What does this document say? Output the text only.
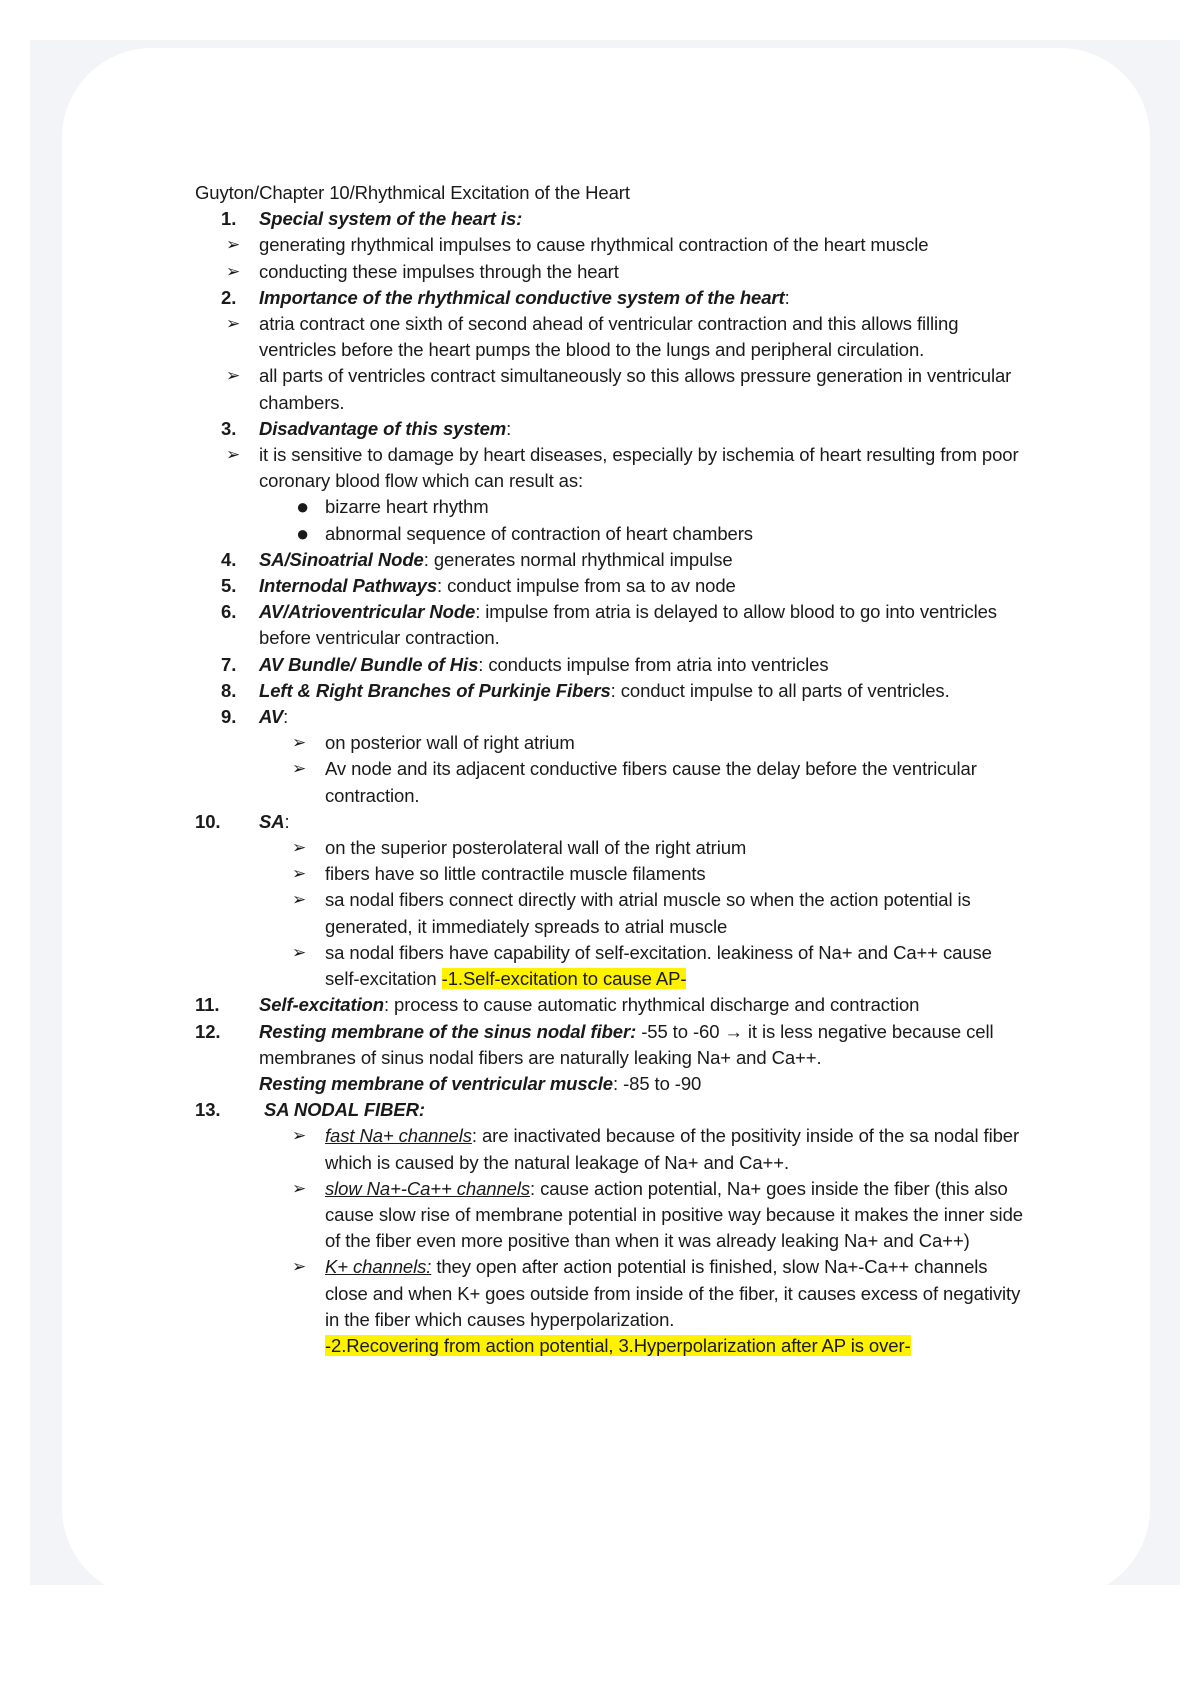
Guyton/Chapter 10/Rhythmical Excitation of the Heart
1. Special system of the heart is:
➢ generating rhythmical impulses to cause rhythmical contraction of the heart muscle
➢ conducting these impulses through the heart
2. Importance of the rhythmical conductive system of the heart:
➢ atria contract one sixth of second ahead of ventricular contraction and this allows filling ventricles before the heart pumps the blood to the lungs and peripheral circulation.
➢ all parts of ventricles contract simultaneously so this allows pressure generation in ventricular chambers.
3. Disadvantage of this system:
➢ it is sensitive to damage by heart diseases, especially by ischemia of heart resulting from poor coronary blood flow which can result as:
● bizarre heart rhythm
● abnormal sequence of contraction of heart chambers
4. SA/Sinoatrial Node: generates normal rhythmical impulse
5. Internodal Pathways: conduct impulse from sa to av node
6. AV/Atrioventricular Node: impulse from atria is delayed to allow blood to go into ventricles before ventricular contraction.
7. AV Bundle/ Bundle of His: conducts impulse from atria into ventricles
8. Left & Right Branches of Purkinje Fibers: conduct impulse to all parts of ventricles.
9. AV:
➢ on posterior wall of right atrium
➢ Av node and its adjacent conductive fibers cause the delay before the ventricular contraction.
10. SA:
➢ on the superior posterolateral wall of the right atrium
➢ fibers have so little contractile muscle filaments
➢ sa nodal fibers connect directly with atrial muscle so when the action potential is generated, it immediately spreads to atrial muscle
➢ sa nodal fibers have capability of self-excitation. leakiness of Na+ and Ca++ cause self-excitation -1.Self-excitation to cause AP-
11. Self-excitation: process to cause automatic rhythmical discharge and contraction
12. Resting membrane of the sinus nodal fiber: -55 to -60 → it is less negative because cell membranes of sinus nodal fibers are naturally leaking Na+ and Ca++.
Resting membrane of ventricular muscle: -85 to -90
13. SA NODAL FIBER:
➢ fast Na+ channels: are inactivated because of the positivity inside of the sa nodal fiber which is caused by the natural leakage of Na+ and Ca++.
➢ slow Na+-Ca++ channels: cause action potential, Na+ goes inside the fiber (this also cause slow rise of membrane potential in positive way because it makes the inner side of the fiber even more positive than when it was already leaking Na+ and Ca++)
➢ K+ channels: they open after action potential is finished, slow Na+-Ca++ channels close and when K+ goes outside from inside of the fiber, it causes excess of negativity in the fiber which causes hyperpolarization.
-2.Recovering from action potential, 3.Hyperpolarization after AP is over-
